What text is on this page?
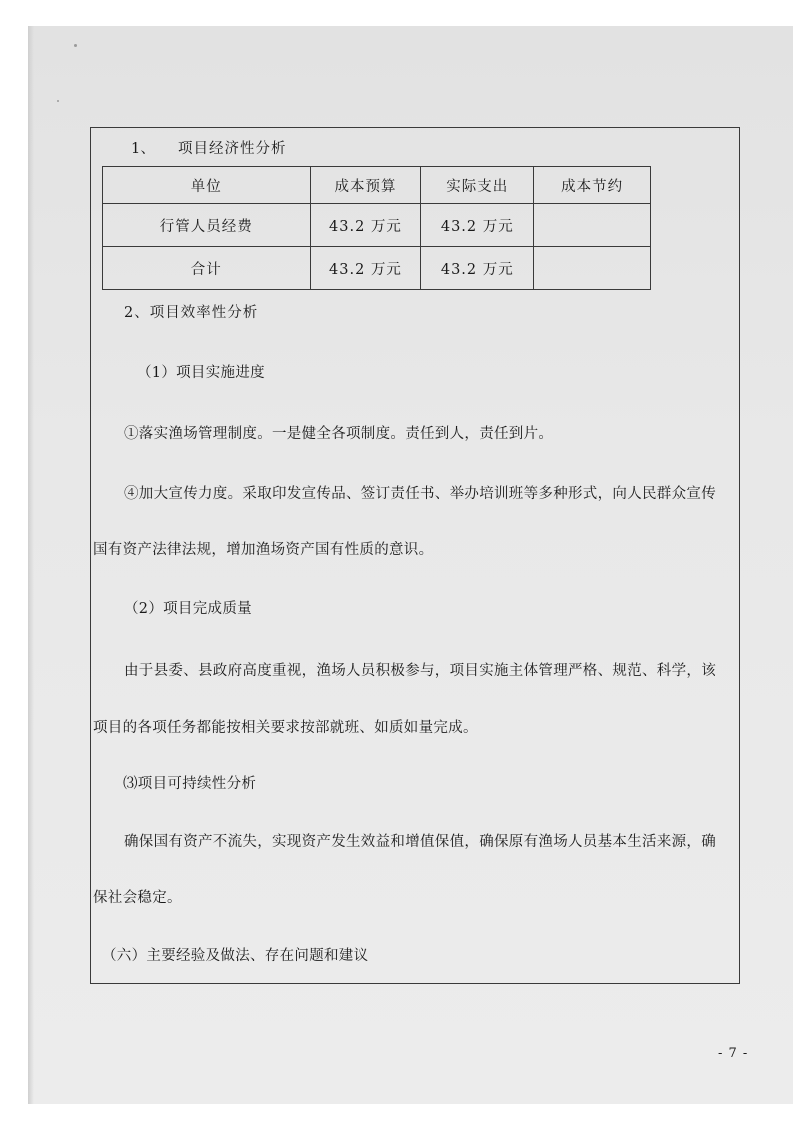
1、 项目经济性分析
单位	成本预算	实际支出	成本节约
行管人员经费	43.2 万元	43.2 万元	
合计	43.2 万元	43.2 万元	
2、项目效率性分析
（1）项目实施进度
①落实渔场管理制度。一是健全各项制度。责任到人，责任到片。
④加大宣传力度。采取印发宣传品、签订责任书、举办培训班等多种形式，向人民群众宣传
国有资产法律法规，增加渔场资产国有性质的意识。
（2）项目完成质量
由于县委、县政府高度重视，渔场人员积极参与，项目实施主体管理严格、规范、科学，该
项目的各项任务都能按相关要求按部就班、如质如量完成。
⑶项目可持续性分析
确保国有资产不流失，实现资产发生效益和增值保值，确保原有渔场人员基本生活来源，确
保社会稳定。
（六）主要经验及做法、存在问题和建议
- 7 -
